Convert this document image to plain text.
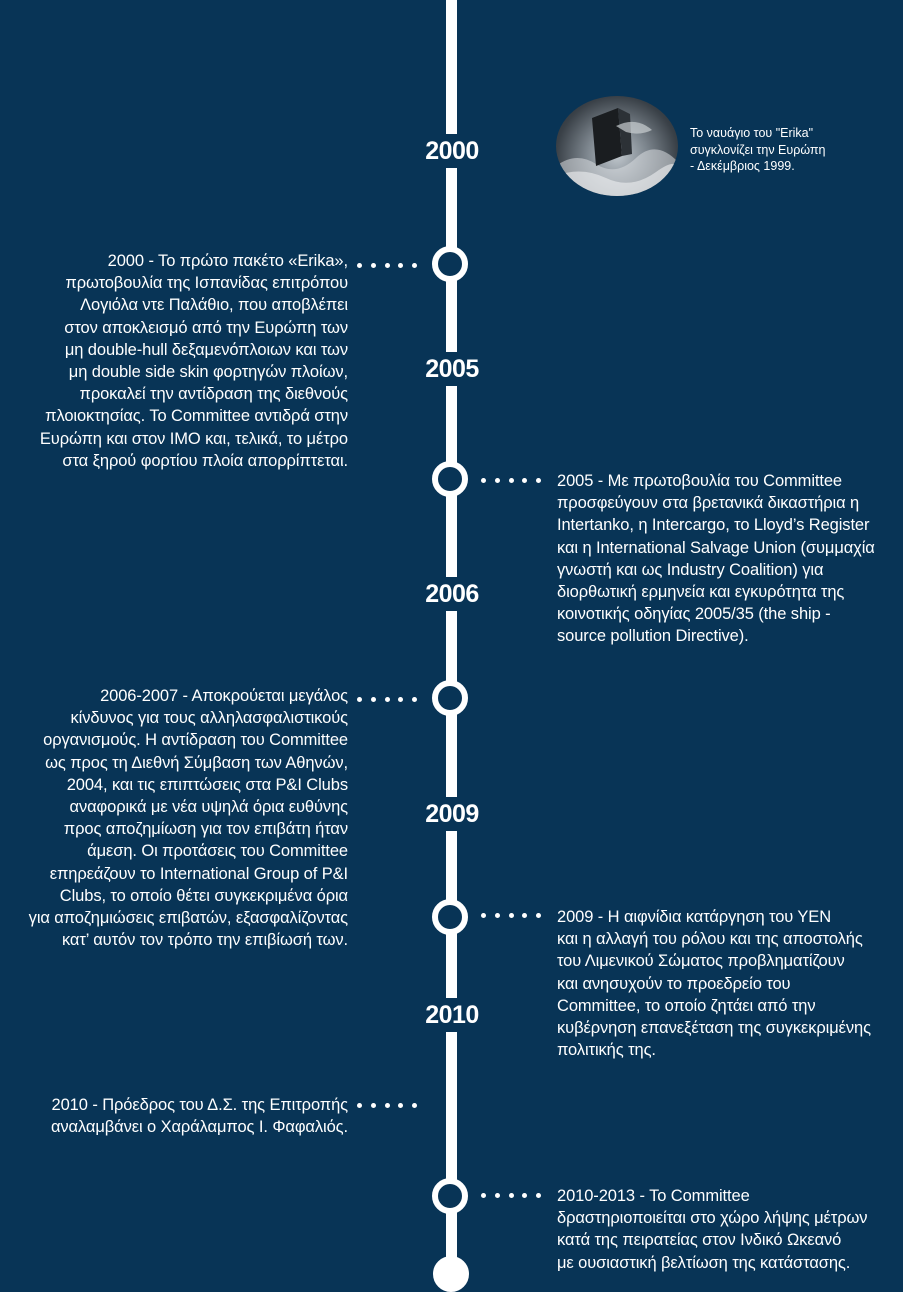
2000
2005
2006
2009
2010
Το ναυάγιο του "Erika"
συγκλονίζει την Ευρώπη
- Δεκέμβριος 1999.
2000 - Το πρώτο πακέτο «Erika»,
πρωτοβουλία της Ισπανίδας επιτρόπου
Λογιόλα ντε Παλάθιο, που αποβλέπει
στον αποκλεισμό από την Ευρώπη των
μη double-hull δεξαμενόπλοιων και των
μη double side skin φορτηγών πλοίων,
προκαλεί την αντίδραση της διεθνούς
πλοιοκτησίας. Το Committee αντιδρά στην
Ευρώπη και στον IMO και, τελικά, το μέτρο
στα ξηρού φορτίου πλοία απορρίπτεται.
2005 - Με πρωτοβουλία του Committee
προσφεύγουν στα βρετανικά δικαστήρια η
Intertanko, η Intercargo, το Lloyd’s Register
και η International Salvage Union (συμμαχία
γνωστή και ως Industry Coalition) για
διορθωτική ερμηνεία και εγκυρότητα της
κοινοτικής οδηγίας 2005/35 (the ship -
source pollution Directive).
2006-2007 - Αποκρούεται μεγάλος
κίνδυνος για τους αλληλασφαλιστικούς
οργανισμούς. Η αντίδραση του Committee
ως προς τη Διεθνή Σύμβαση των Αθηνών,
2004, και τις επιπτώσεις στα P&I Clubs
αναφορικά με νέα υψηλά όρια ευθύνης
προς αποζημίωση για τον επιβάτη ήταν
άμεση. Οι προτάσεις του Committee
επηρεάζουν το International Group of P&I
Clubs, το οποίο θέτει συγκεκριμένα όρια
για αποζημιώσεις επιβατών, εξασφαλίζοντας
κατ’ αυτόν τον τρόπο την επιβίωσή των.
2009 - Η αιφνίδια κατάργηση του ΥΕΝ
και η αλλαγή του ρόλου και της αποστολής
του Λιμενικού Σώματος προβληματίζουν
και ανησυχούν το προεδρείο του
Committee, το οποίο ζητάει από την
κυβέρνηση επανεξέταση της συγκεκριμένης
πολιτικής της.
2010 - Πρόεδρος του Δ.Σ. της Επιτροπής
αναλαμβάνει ο Χαράλαμπος Ι. Φαφαλιός.
2010-2013 - To Committee
δραστηριοποιείται στο χώρο λήψης μέτρων
κατά της πειρατείας στον Ινδικό Ωκεανό
με ουσιαστική βελτίωση της κατάστασης.
